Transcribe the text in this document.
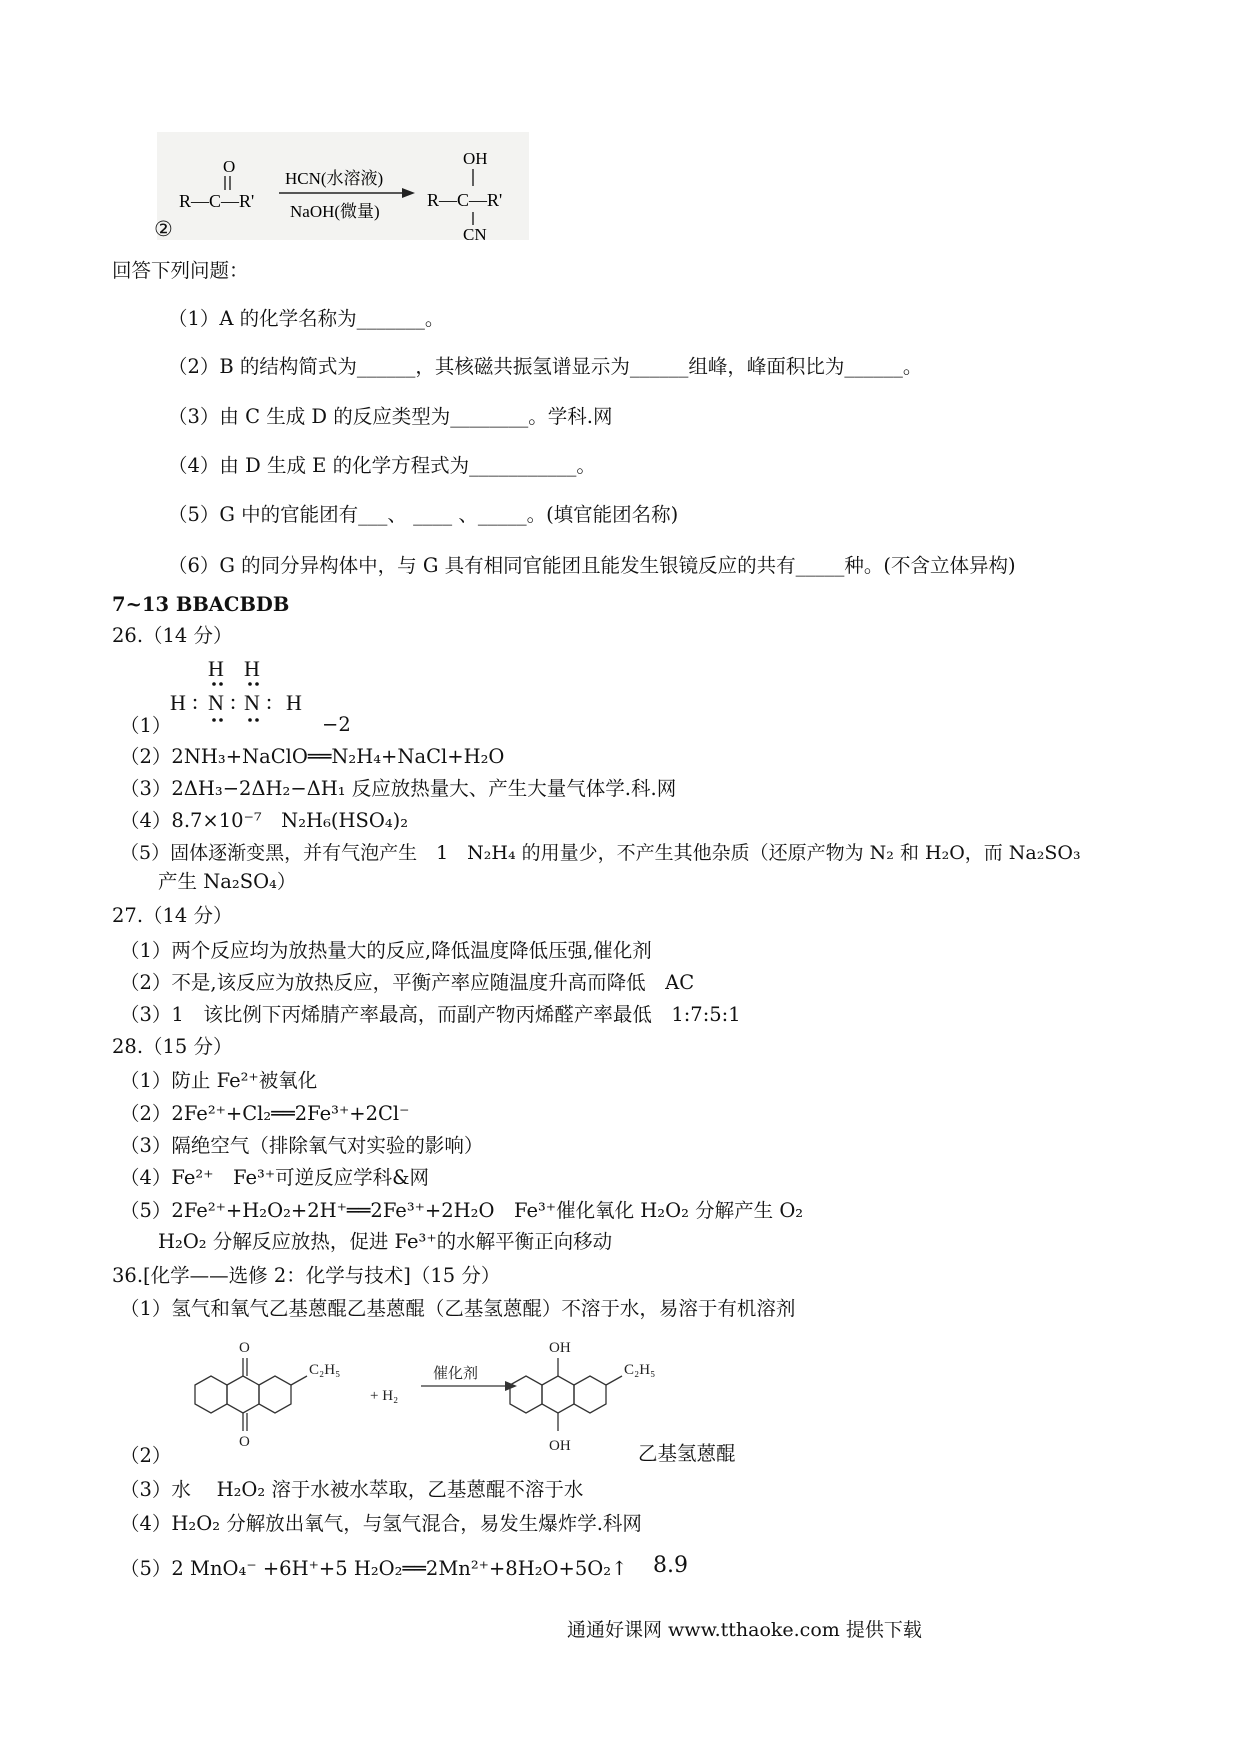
O
R—C—R'
HCN(水溶液)
NaOH(微量)
OH
R—C—R'
CN
②
回答下列问题：
（1）A 的化学名称为_______。
（2）B 的结构简式为______，其核磁共振氢谱显示为______组峰，峰面积比为______。
（3）由 C 生成 D 的反应类型为________。学科.网
（4）由 D 生成 E 的化学方程式为___________。
（5）G 中的官能团有___、 ____ 、_____。(填官能团名称)
（6）G 的同分异构体中，与 G 具有相同官能团且能发生银镜反应的共有_____种。(不含立体异构)
7~13 BBACBDB
26.（14 分）
（1）
H H
H : N : N : H
−2
（2）2NH₃+NaClO══N₂H₄+NaCl+H₂O
（3）2ΔH₃−2ΔH₂−ΔH₁ 反应放热量大、产生大量气体学.科.网
（4）8.7×10⁻⁷　N₂H₆(HSO₄)₂
（5）固体逐渐变黑，并有气泡产生　1　N₂H₄ 的用量少，不产生其他杂质（还原产物为 N₂ 和 H₂O，而 Na₂SO₃
产生 Na₂SO₄）
27.（14 分）
（1）两个反应均为放热量大的反应,降低温度降低压强,催化剂
（2）不是,该反应为放热反应，平衡产率应随温度升高而降低　AC
（3）1　该比例下丙烯腈产率最高，而副产物丙烯醛产率最低　1:7:5:1
28.（15 分）
（1）防止 Fe²⁺被氧化
（2）2Fe²⁺+Cl₂══2Fe³⁺+2Cl⁻
（3）隔绝空气（排除氧气对实验的影响）
（4）Fe²⁺　Fe³⁺可逆反应学科&网
（5）2Fe²⁺+H₂O₂+2H⁺══2Fe³⁺+2H₂O　Fe³⁺催化氧化 H₂O₂ 分解产生 O₂
H₂O₂ 分解反应放热，促进 Fe³⁺的水解平衡正向移动
36.[化学——选修 2：化学与技术]（15 分）
（1）氢气和氧气乙基蒽醌乙基蒽醌（乙基氢蒽醌）不溶于水，易溶于有机溶剂
O
O
C₂H₅
+ H₂
催化剂
OH
OH
C₂H₅
（2）	乙基氢蒽醌
（3）水　 H₂O₂ 溶于水被水萃取，乙基蒽醌不溶于水
（4）H₂O₂ 分解放出氧气，与氢气混合，易发生爆炸学.科网
（5）2 MnO₄⁻ +6H⁺+5 H₂O₂══2Mn²⁺+8H₂O+5O₂↑ 8.9
通通好课网 www.tthaoke.com 提供下载
